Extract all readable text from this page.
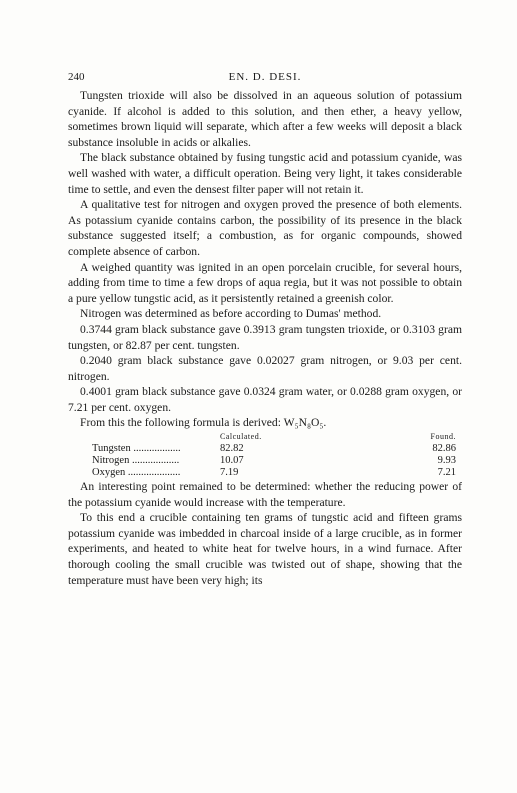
240	EN. D. DESI.

Tungsten trioxide will also be dissolved in an aqueous solution of potassium cyanide. If alcohol is added to this solution, and then ether, a heavy yellow, sometimes brown liquid will separate, which after a few weeks will deposit a black substance insoluble in acids or alkalies.

The black substance obtained by fusing tungstic acid and potassium cyanide, was well washed with water, a difficult operation. Being very light, it takes considerable time to settle, and even the densest filter paper will not retain it.

A qualitative test for nitrogen and oxygen proved the presence of both elements. As potassium cyanide contains carbon, the possibility of its presence in the black substance suggested itself; a combustion, as for organic compounds, showed complete absence of carbon.

A weighed quantity was ignited in an open porcelain crucible, for several hours, adding from time to time a few drops of aqua regia, but it was not possible to obtain a pure yellow tungstic acid, as it persistently retained a greenish color.

Nitrogen was determined as before according to Dumas' method.

0.3744 gram black substance gave 0.3913 gram tungsten trioxide, or 0.3103 gram tungsten, or 82.87 per cent. tungsten.

0.2040 gram black substance gave 0.02027 gram nitrogen, or 9.03 per cent. nitrogen.

0.4001 gram black substance gave 0.0324 gram water, or 0.0288 gram oxygen, or 7.21 per cent. oxygen.

From this the following formula is derived: W₅N₈O₅.

	Calculated.	Found.
Tungsten ..................	82.82	82.86
Nitrogen ..................	10.07	9.93
Oxygen ....................	7.19	7.21

An interesting point remained to be determined: whether the reducing power of the potassium cyanide would increase with the temperature.

To this end a crucible containing ten grams of tungstic acid and fifteen grams potassium cyanide was imbedded in charcoal inside of a large crucible, as in former experiments, and heated to white heat for twelve hours, in a wind furnace. After thorough cooling the small crucible was twisted out of shape, showing that the temperature must have been very high; its
